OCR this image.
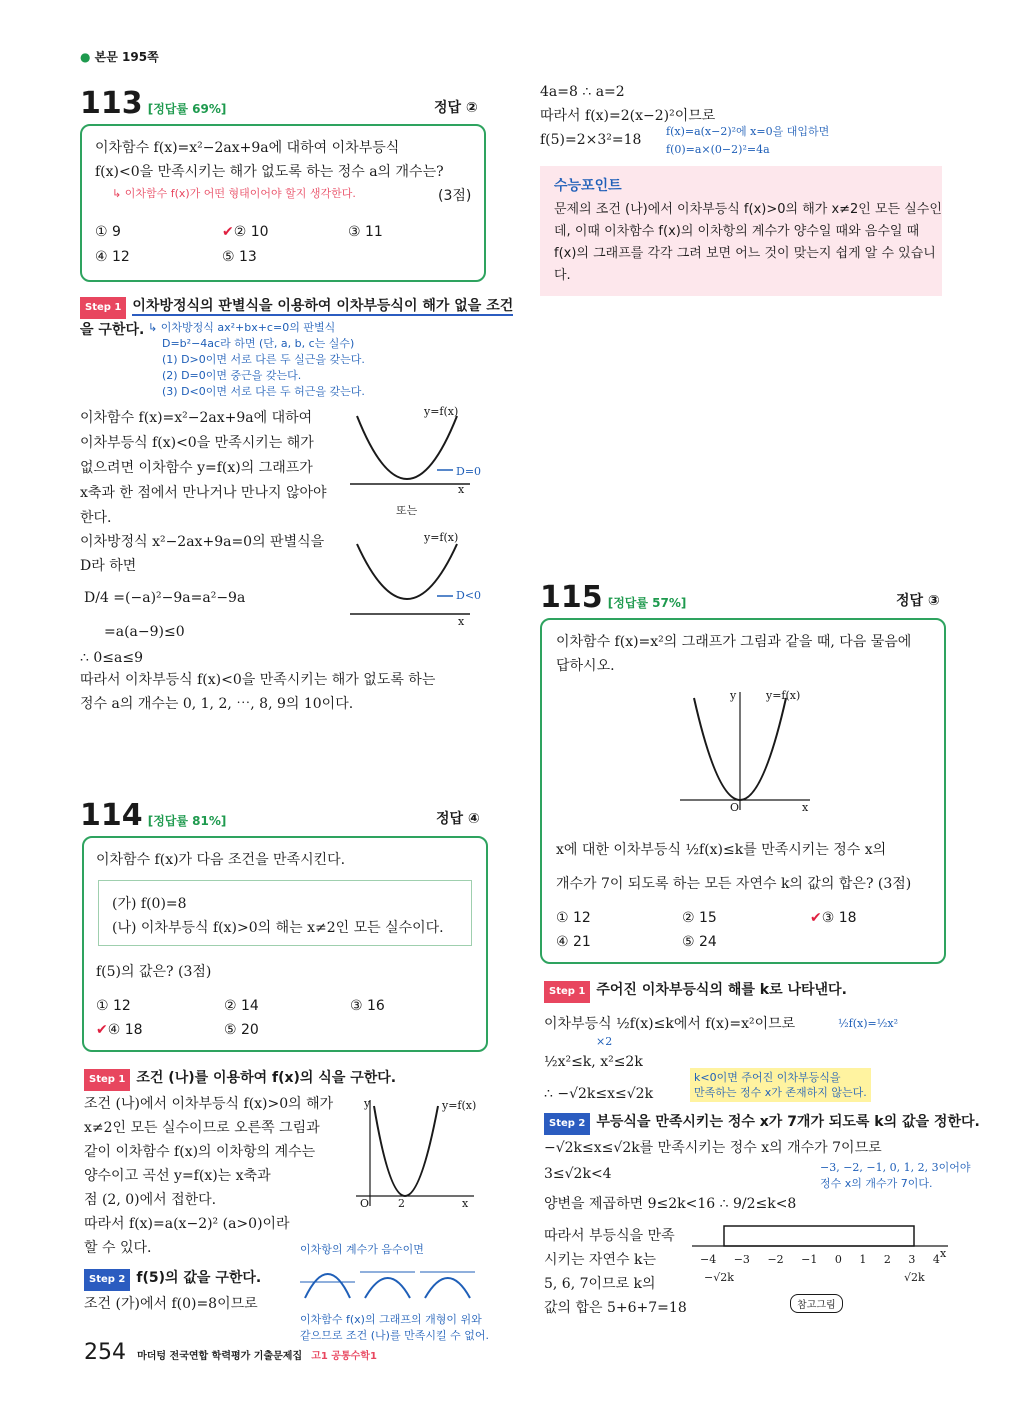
● 본문 195쪽
113 [정답률 69%]	정답 ②
이차함수 f(x)=x²−2ax+9a에 대하여 이차부등식
f(x)<0을 만족시키는 해가 없도록 하는 정수 a의 개수는?
↳ 이차함수 f(x)가 어떤 형태이어야 할지 생각한다.	(3점)
① 9	✔② 10	③ 11
④ 12	⑤ 13
Step 1 이차방정식의 판별식을 이용하여 이차부등식이 해가 없을 조건
을 구한다. ↳ 이차방정식 ax²+bx+c=0의 판별식
D=b²−4ac라 하면 (단, a, b, c는 실수)
(1) D>0이면 서로 다른 두 실근을 갖는다.
(2) D=0이면 중근을 갖는다.
(3) D<0이면 서로 다른 두 허근을 갖는다.
이차함수 f(x)=x²−2ax+9a에 대하여
이차부등식 f(x)<0을 만족시키는 해가
없으려면 이차함수 y=f(x)의 그래프가
x축과 한 점에서 만나거나 만나지 않아야
한다.
이차방정식 x²−2ax+9a=0의 판별식을
D라 하면
D/4 =(−a)²−9a=a²−9a
=a(a−9)≤0
∴ 0≤a≤9
따라서 이차부등식 f(x)<0을 만족시키는 해가 없도록 하는
정수 a의 개수는 0, 1, 2, ⋯, 8, 9의 10이다.
y=f(x)
D=0
x
또는
y=f(x)
D<0
x
114 [정답률 81%]	정답 ④
이차함수 f(x)가 다음 조건을 만족시킨다.
(가) f(0)=8
(나) 이차부등식 f(x)>0의 해는 x≠2인 모든 실수이다.
f(5)의 값은? (3점)
① 12	② 14	③ 16
✔④ 18	⑤ 20
Step 1 조건 (나)를 이용하여 f(x)의 식을 구한다.
조건 (나)에서 이차부등식 f(x)>0의 해가
x≠2인 모든 실수이므로 오른쪽 그림과
같이 이차함수 f(x)의 이차항의 계수는
양수이고 곡선 y=f(x)는 x축과
점 (2, 0)에서 접한다.
따라서 f(x)=a(x−2)² (a>0)이라
할 수 있다.
Step 2 f(5)의 값을 구한다.
조건 (가)에서 f(0)=8이므로
y	y=f(x)
O	2	x
이차항의 계수가 음수이면
이차함수 f(x)의 그래프의 개형이 위와
같으므로 조건 (나)를 만족시킬 수 없어.
4a=8 ∴ a=2
따라서 f(x)=2(x−2)²이므로
f(5)=2×3²=18
f(x)=a(x−2)²에 x=0을 대입하면
f(0)=a×(0−2)²=4a
수능포인트
문제의 조건 (나)에서 이차부등식 f(x)>0의 해가 x≠2인 모든 실수인
데, 이때 이차함수 f(x)의 이차항의 계수가 양수일 때와 음수일 때
f(x)의 그래프를 각각 그려 보면 어느 것이 맞는지 쉽게 알 수 있습니
다.
115 [정답률 57%]	정답 ③
이차함수 f(x)=x²의 그래프가 그림과 같을 때, 다음 물음에
답하시오.
y	y=f(x)
O	x
x에 대한 이차부등식 ½f(x)≤k를 만족시키는 정수 x의
개수가 7이 되도록 하는 모든 자연수 k의 값의 합은? (3점)
① 12	② 15	✔③ 18
④ 21	⑤ 24
Step 1 주어진 이차부등식의 해를 k로 나타낸다.
이차부등식 ½f(x)≤k에서 f(x)=x²이므로	½f(x)=½x²
×2
½x²≤k, x²≤2k
∴ −√2k≤x≤√2k
k<0이면 주어진 이차부등식을
만족하는 정수 x가 존재하지 않는다.
Step 2 부등식을 만족시키는 정수 x가 7개가 되도록 k의 값을 정한다.
−√2k≤x≤√2k를 만족시키는 정수 x의 개수가 7이므로
3≤√2k<4	−3, −2, −1, 0, 1, 2, 3이어야
정수 x의 개수가 7이다.
양변을 제곱하면 9≤2k<16 ∴ 9/2≤k<8
따라서 부등식을 만족
시키는 자연수 k는
5, 6, 7이므로 k의
값의 합은 5+6+7=18
−4 −3 −2 −1 0 1 2 3 4 x
−√2k	√2k
참고그림
254 마더텅 전국연합 학력평가 기출문제집 고1 공통수학1
